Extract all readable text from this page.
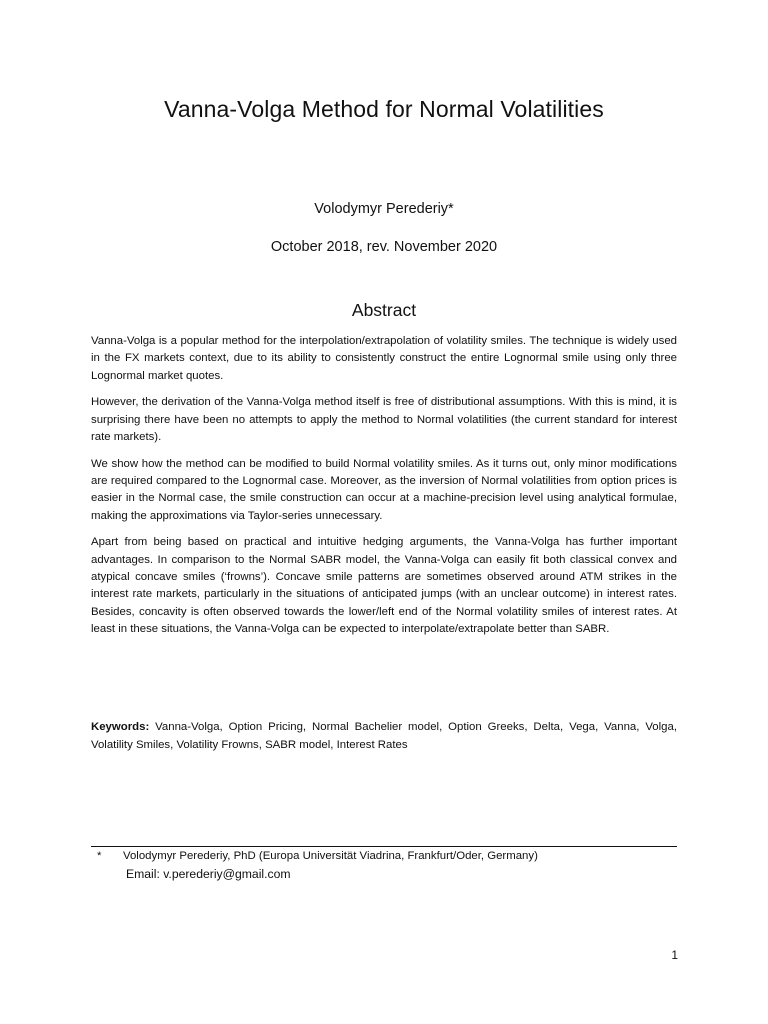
Vanna-Volga Method for Normal Volatilities
Volodymyr Perederiy*
October 2018, rev. November 2020
Abstract

Vanna-Volga is a popular method for the interpolation/extrapolation of volatility smiles. The technique is widely used in the FX markets context, due to its ability to consistently construct the entire Lognormal smile using only three Lognormal market quotes.

However, the derivation of the Vanna-Volga method itself is free of distributional assumptions. With this is mind, it is surprising there have been no attempts to apply the method to Normal volatilities (the current standard for interest rate markets).

We show how the method can be modified to build Normal volatility smiles. As it turns out, only minor modifications are required compared to the Lognormal case. Moreover, as the inversion of Normal volatilities from option prices is easier in the Normal case, the smile construction can occur at a machine-precision level using analytical formulae, making the approximations via Taylor-series unnecessary.

Apart from being based on practical and intuitive hedging arguments, the Vanna-Volga has further important advantages. In comparison to the Normal SABR model, the Vanna-Volga can easily fit both classical convex and atypical concave smiles (‘frowns’). Concave smile patterns are sometimes observed around ATM strikes in the interest rate markets, particularly in the situations of anticipated jumps (with an unclear outcome) in interest rates. Besides, concavity is often observed towards the lower/left end of the Normal volatility smiles of interest rates. At least in these situations, the Vanna-Volga can be expected to interpolate/extrapolate better than SABR.

Keywords: Vanna-Volga, Option Pricing, Normal Bachelier model, Option Greeks, Delta, Vega, Vanna, Volga, Volatility Smiles, Volatility Frowns, SABR model, Interest Rates
* Volodymyr Perederiy, PhD (Europa Universität Viadrina, Frankfurt/Oder, Germany)
Email: v.perederiy@gmail.com
1
